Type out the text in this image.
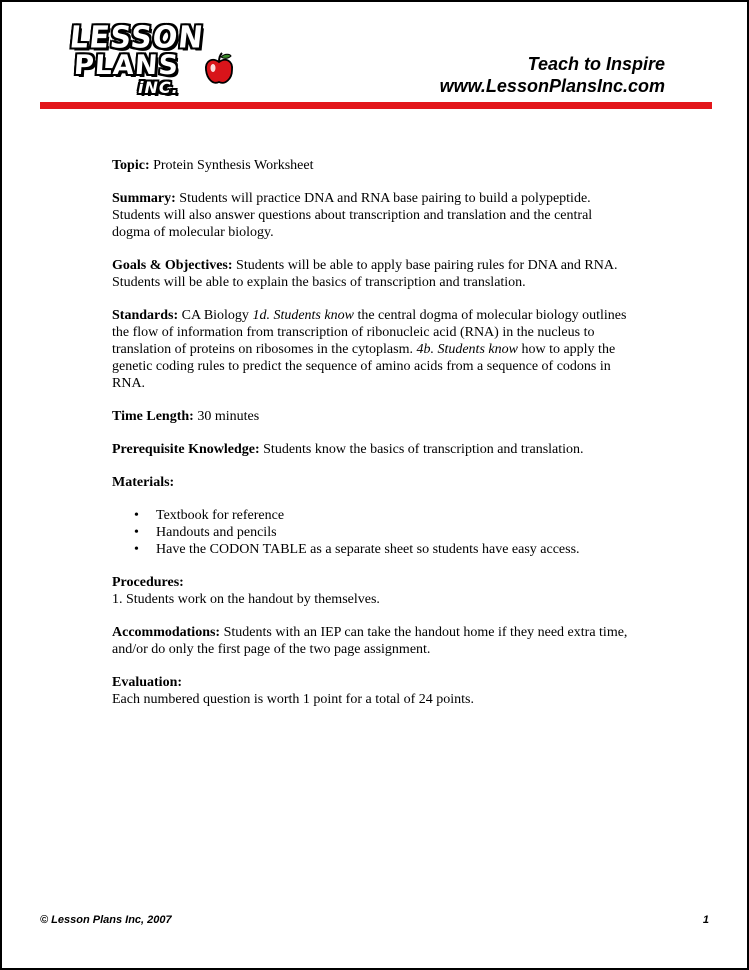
LESSON
PLANS
iNC.
Teach to Inspire
www.LessonPlansInc.com

Topic: Protein Synthesis Worksheet

Summary: Students will practice DNA and RNA base pairing to build a polypeptide. Students will also answer questions about transcription and translation and the central dogma of molecular biology.

Goals & Objectives: Students will be able to apply base pairing rules for DNA and RNA. Students will be able to explain the basics of transcription and translation.

Standards: CA Biology 1d. Students know the central dogma of molecular biology outlines the flow of information from transcription of ribonucleic acid (RNA) in the nucleus to translation of proteins on ribosomes in the cytoplasm. 4b. Students know how to apply the genetic coding rules to predict the sequence of amino acids from a sequence of codons in RNA.

Time Length: 30 minutes

Prerequisite Knowledge: Students know the basics of transcription and translation.

Materials:

• Textbook for reference
• Handouts and pencils
• Have the CODON TABLE as a separate sheet so students have easy access.

Procedures:
1. Students work on the handout by themselves.

Accommodations: Students with an IEP can take the handout home if they need extra time, and/or do only the first page of the two page assignment.

Evaluation:
Each numbered question is worth 1 point for a total of 24 points.

© Lesson Plans Inc, 2007	1
